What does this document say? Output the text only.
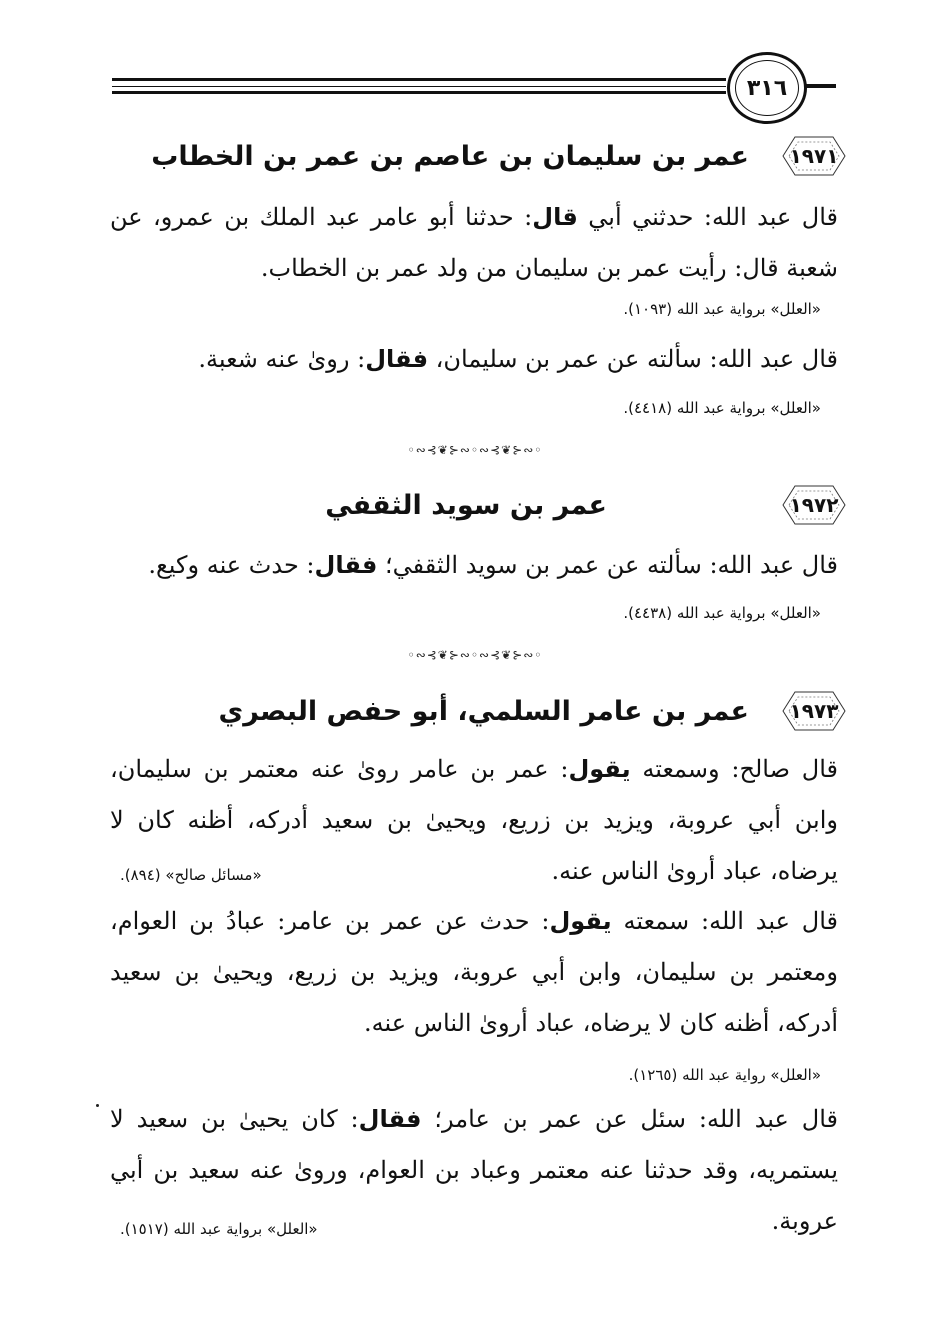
٣١٦
١٩٧١
عمر بن سليمان بن عاصم بن عمر بن الخطاب
قال عبد الله: حدثني أبي قال: حدثنا أبو عامر عبد الملك بن عمرو، عن شعبة قال: رأيت عمر بن سليمان من ولد عمر بن الخطاب.
«العلل» برواية عبد الله (١٠٩٣).
قال عبد الله: سألته عن عمر بن سليمان، فقال: روىٰ عنه شعبة.
«العلل» برواية عبد الله (٤٤١٨).
◦∾⊰❦⊱∾◦∾⊰❦⊱∾◦
١٩٧٢
عمر بن سويد الثقفي
قال عبد الله: سألته عن عمر بن سويد الثقفي؛ فقال: حدث عنه وكيع.
«العلل» برواية عبد الله (٤٤٣٨).
◦∾⊰❦⊱∾◦∾⊰❦⊱∾◦
١٩٧٣
عمر بن عامر السلمي، أبو حفص البصري
قال صالح: وسمعته يقول: عمر بن عامر روىٰ عنه معتمر بن سليمان، وابن أبي عروبة، ويزيد بن زريع، ويحيىٰ بن سعيد أدركه، أظنه كان لا يرضاه، عباد أروىٰ الناس عنه.
«مسائل صالح» (٨٩٤).
قال عبد الله: سمعته يقول: حدث عن عمر بن عامر: عبادُ بن العوام، ومعتمر بن سليمان، وابن أبي عروبة، ويزيد بن زريع، ويحيىٰ بن سعيد أدركه، أظنه كان لا يرضاه، عباد أروىٰ الناس عنه.
«العلل» رواية عبد الله (١٢٦٥).
قال عبد الله: سئل عن عمر بن عامر؛ فقال: كان يحيىٰ بن سعيد لا يستمريه، وقد حدثنا عنه معتمر وعباد بن العوام، وروىٰ عنه سعيد بن أبي عروبة.
«العلل» برواية عبد الله (١٥١٧).
